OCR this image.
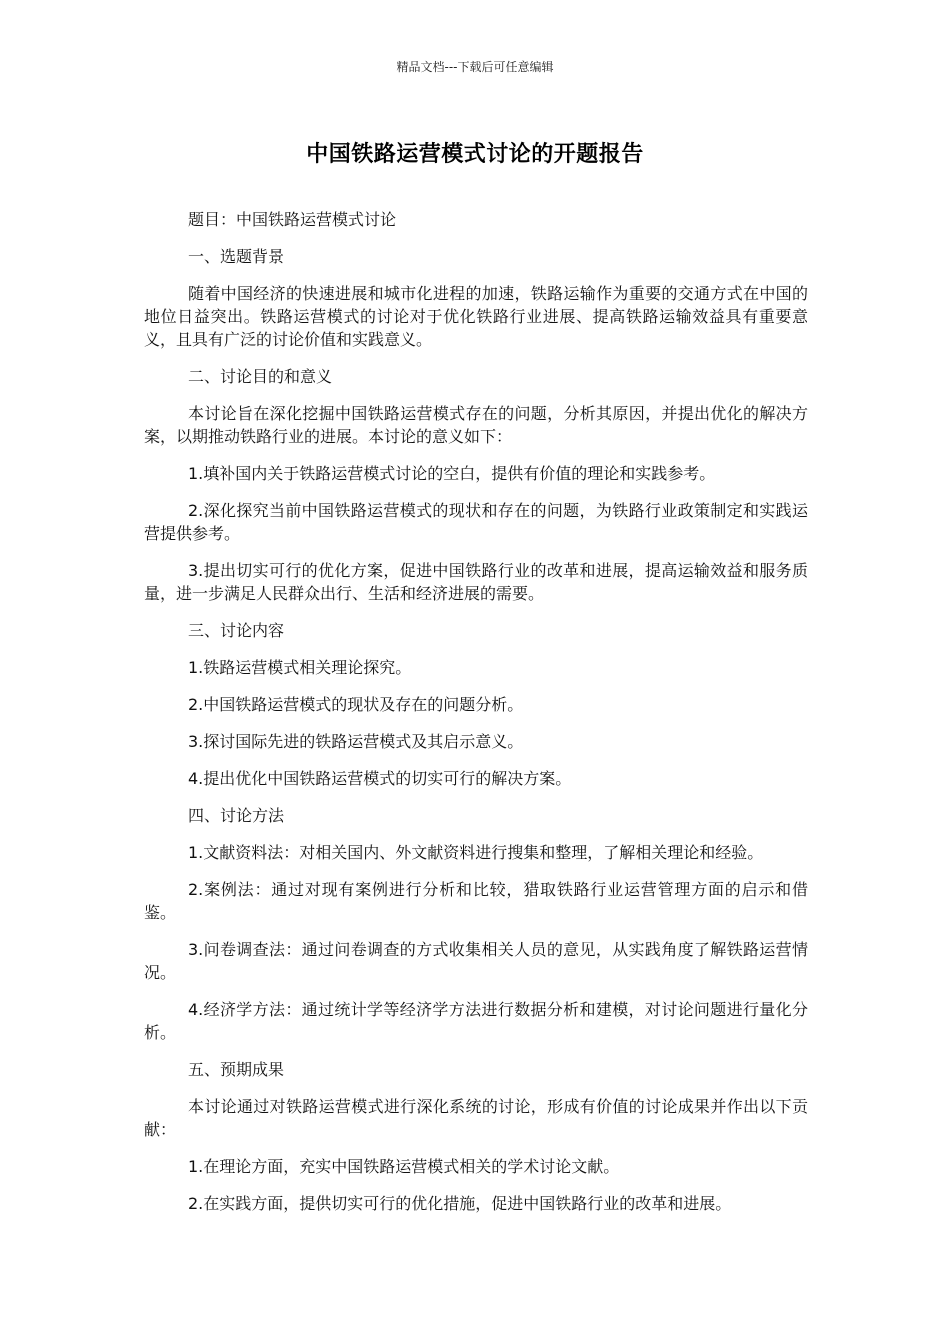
精品文档---下载后可任意编辑
中国铁路运营模式讨论的开题报告

题目：中国铁路运营模式讨论

一、选题背景

随着中国经济的快速进展和城市化进程的加速，铁路运输作为重要的交通方式在中国的地位日益突出。铁路运营模式的讨论对于优化铁路行业进展、提高铁路运输效益具有重要意义，且具有广泛的讨论价值和实践意义。

二、讨论目的和意义

本讨论旨在深化挖掘中国铁路运营模式存在的问题，分析其原因，并提出优化的解决方案，以期推动铁路行业的进展。本讨论的意义如下：

1.填补国内关于铁路运营模式讨论的空白，提供有价值的理论和实践参考。

2.深化探究当前中国铁路运营模式的现状和存在的问题，为铁路行业政策制定和实践运营提供参考。

3.提出切实可行的优化方案，促进中国铁路行业的改革和进展，提高运输效益和服务质量，进一步满足人民群众出行、生活和经济进展的需要。

三、讨论内容

1.铁路运营模式相关理论探究。

2.中国铁路运营模式的现状及存在的问题分析。

3.探讨国际先进的铁路运营模式及其启示意义。

4.提出优化中国铁路运营模式的切实可行的解决方案。

四、讨论方法

1.文献资料法：对相关国内、外文献资料进行搜集和整理，了解相关理论和经验。

2.案例法：通过对现有案例进行分析和比较，猎取铁路行业运营管理方面的启示和借鉴。

3.问卷调查法：通过问卷调查的方式收集相关人员的意见，从实践角度了解铁路运营情况。

4.经济学方法：通过统计学等经济学方法进行数据分析和建模，对讨论问题进行量化分析。

五、预期成果

本讨论通过对铁路运营模式进行深化系统的讨论，形成有价值的讨论成果并作出以下贡献：

1.在理论方面，充实中国铁路运营模式相关的学术讨论文献。

2.在实践方面，提供切实可行的优化措施，促进中国铁路行业的改革和进展。
